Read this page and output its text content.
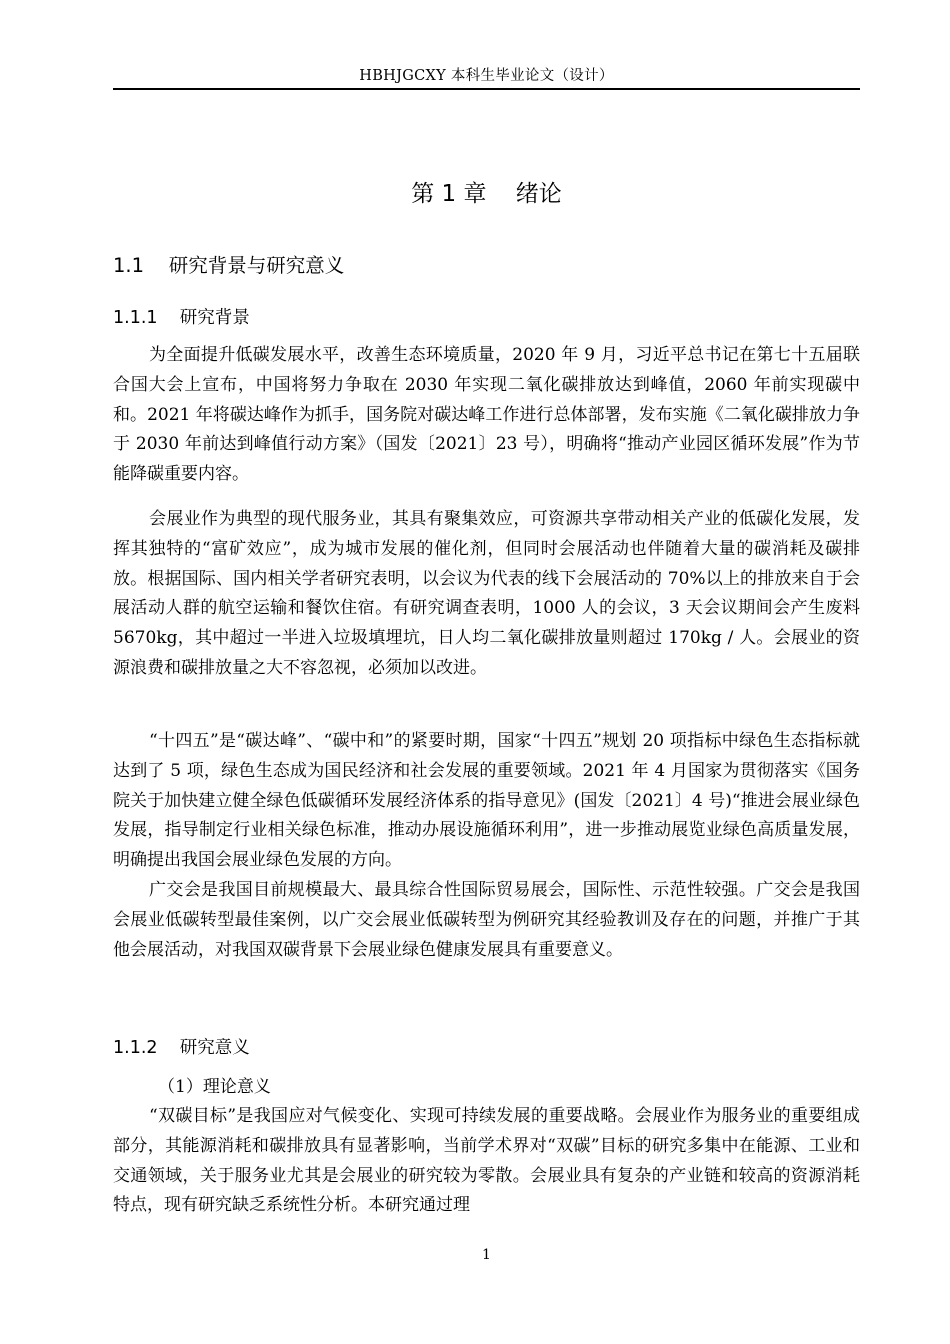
HBHJGCXY 本科生毕业论文（设计）
第 1 章    绪论
1.1    研究背景与研究意义
1.1.1    研究背景

为全面提升低碳发展水平，改善生态环境质量，2020 年 9 月，习近平总书记在第七十五届联合国大会上宣布，中国将努力争取在 2030 年实现二氧化碳排放达到峰值，2060 年前实现碳中和。2021 年将碳达峰作为抓手，国务院对碳达峰工作进行总体部署，发布实施《二氧化碳排放力争于 2030 年前达到峰值行动方案》（国发〔2021〕23 号），明确将“推动产业园区循环发展”作为节能降碳重要内容。

会展业作为典型的现代服务业，其具有聚集效应，可资源共享带动相关产业的低碳化发展，发挥其独特的“富矿效应”，成为城市发展的催化剂，但同时会展活动也伴随着大量的碳消耗及碳排放。根据国际、国内相关学者研究表明，以会议为代表的线下会展活动的 70%以上的排放来自于会展活动人群的航空运输和餐饮住宿。有研究调查表明，1000 人的会议，3 天会议期间会产生废料 5670kg，其中超过一半进入垃圾填埋坑，日人均二氧化碳排放量则超过 170kg / 人。会展业的资源浪费和碳排放量之大不容忽视，必须加以改进。

“十四五”是“碳达峰”、“碳中和”的紧要时期，国家“十四五”规划 20 项指标中绿色生态指标就达到了 5 项，绿色生态成为国民经济和社会发展的重要领域。2021 年 4 月国家为贯彻落实《国务院关于加快建立健全绿色低碳循环发展经济体系的指导意见》(国发〔2021〕4 号)“推进会展业绿色发展，指导制定行业相关绿色标准，推动办展设施循环利用”，进一步推动展览业绿色高质量发展，明确提出我国会展业绿色发展的方向。

广交会是我国目前规模最大、最具综合性国际贸易展会，国际性、示范性较强。广交会是我国会展业低碳转型最佳案例，以广交会展业低碳转型为例研究其经验教训及存在的问题，并推广于其他会展活动，对我国双碳背景下会展业绿色健康发展具有重要意义。

1.1.2    研究意义

（1）理论意义

“双碳目标”是我国应对气候变化、实现可持续发展的重要战略。会展业作为服务业的重要组成部分，其能源消耗和碳排放具有显著影响，当前学术界对“双碳”目标的研究多集中在能源、工业和交通领域，关于服务业尤其是会展业的研究较为零散。会展业具有复杂的产业链和较高的资源消耗特点，现有研究缺乏系统性分析。本研究通过理

1
